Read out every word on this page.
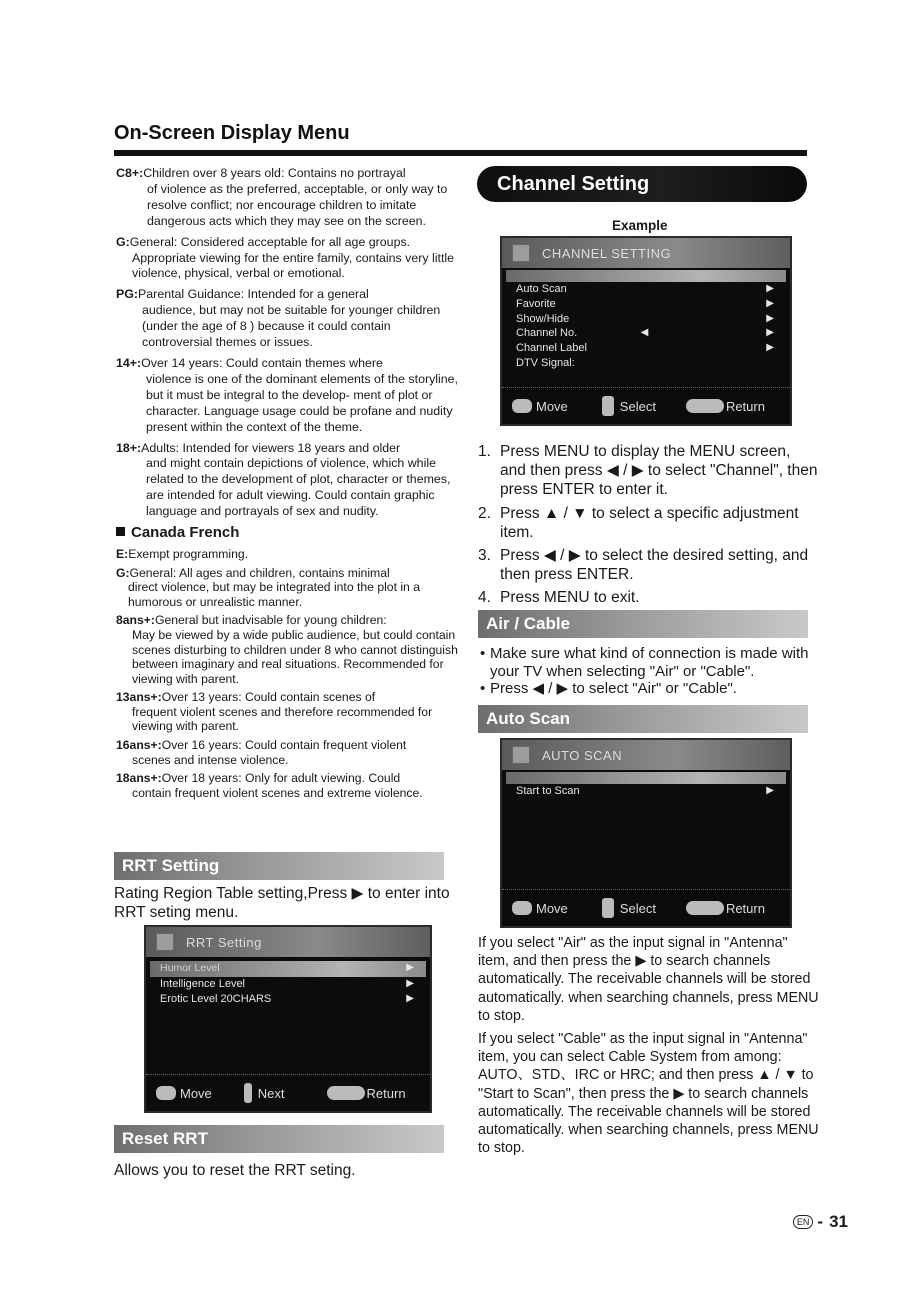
On-Screen Display Menu
C8+: Children over 8 years old: Contains no portrayal
of violence as the preferred, acceptable, or only way to resolve conflict; nor encourage children to imitate dangerous acts which they may see on the screen.
G: General: Considered acceptable for all age groups.
Appropriate viewing for the entire family, contains very little violence, physical, verbal or emotional.
PG: Parental Guidance: Intended for a general
audience, but may not be suitable for younger children (under the age of 8 ) because it could contain controversial themes or issues.
14+: Over 14 years: Could contain themes where
violence is one of the dominant elements of the storyline, but it must be integral to the develop- ment of plot or character. Language usage could be profane and nudity present within the context of the theme.
18+: Adults: Intended for viewers 18 years and older
and might contain depictions of violence, which while related to the development of plot, character or themes, are intended for adult viewing. Could contain graphic language and portrayals of sex and nudity.
Canada French
E: Exempt programming.
G: General: All ages and children, contains minimal
direct violence, but may be integrated into the plot in a humorous or unrealistic manner.
8ans+: General but inadvisable for young children:
May be viewed by a wide public audience, but could contain scenes disturbing to children under 8 who cannot distinguish between imaginary and real situations. Recommended for viewing with parent.
13ans+: Over 13 years: Could contain scenes of
frequent violent scenes and therefore recommended for viewing with parent.
16ans+: Over 16 years: Could contain frequent violent
scenes and intense violence.
18ans+: Over 18 years: Only for adult viewing. Could
contain frequent violent scenes and extreme violence.
RRT Setting
Rating Region Table setting,Press ▶ to enter into RRT seting menu.
RRT Setting
Humor Level	▶
Intelligence Level	▶
Erotic Level 20CHARS	▶
Move	Next	Return
Reset RRT
Allows you to reset the RRT seting.
Channel Setting
Example
CHANNEL SETTING
Auto Scan	▶
Favorite	▶
Show/Hide	▶
Channel No.	◀	▶
Channel Label	▶
DTV Signal:
Move	Select	Return
1. Press MENU to display the MENU screen, and then press ◀ / ▶ to select "Channel", then press ENTER to enter it.
2. Press ▲ / ▼ to select a specific adjustment item.
3. Press ◀ / ▶ to select the desired setting, and then press ENTER.
4. Press MENU to exit.
Air / Cable
• Make sure what kind of connection is made with your TV when selecting "Air" or "Cable".
• Press ◀ / ▶ to select "Air" or "Cable".
Auto Scan
AUTO SCAN
Start to Scan	▶
Move	Select	Return

If you select "Air" as the input signal in "Antenna" item, and then press the ▶ to search channels automatically. The receivable channels will be stored automatically. when searching channels, press MENU to stop.

If you select "Cable" as the input signal in "Antenna" item, you can select Cable System from among: AUTO、STD、IRC or HRC; and then press ▲ / ▼ to "Start to Scan", then press the ▶ to search channels automatically. The receivable channels will be stored automatically. when searching channels, press MENU to stop.

EN - 31
